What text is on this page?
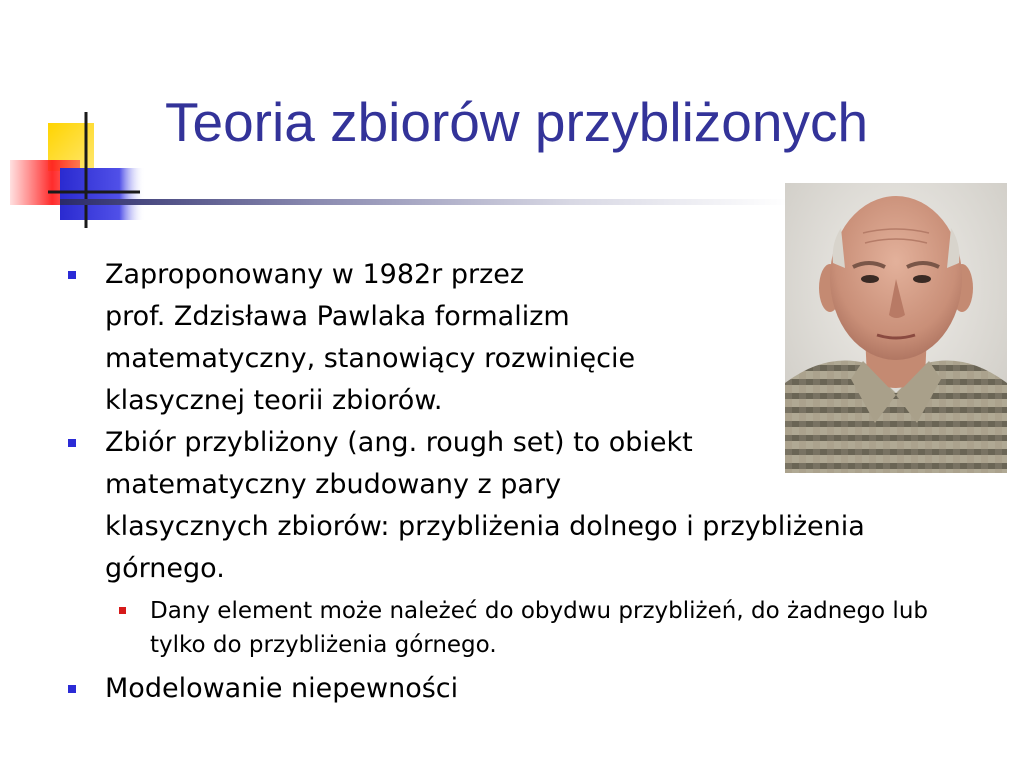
Teoria zbiorów przybliżonych
Zaproponowany w 1982r przez
prof. Zdzisława Pawlaka formalizm
matematyczny, stanowiący rozwinięcie
klasycznej teorii zbiorów.
Zbiór przybliżony (ang. rough set) to obiekt
matematyczny zbudowany z pary
klasycznych zbiorów: przybliżenia dolnego i przybliżenia
górnego.
Dany element może należeć do obydwu przybliżeń, do żadnego lub
tylko do przybliżenia górnego.
Modelowanie niepewności
